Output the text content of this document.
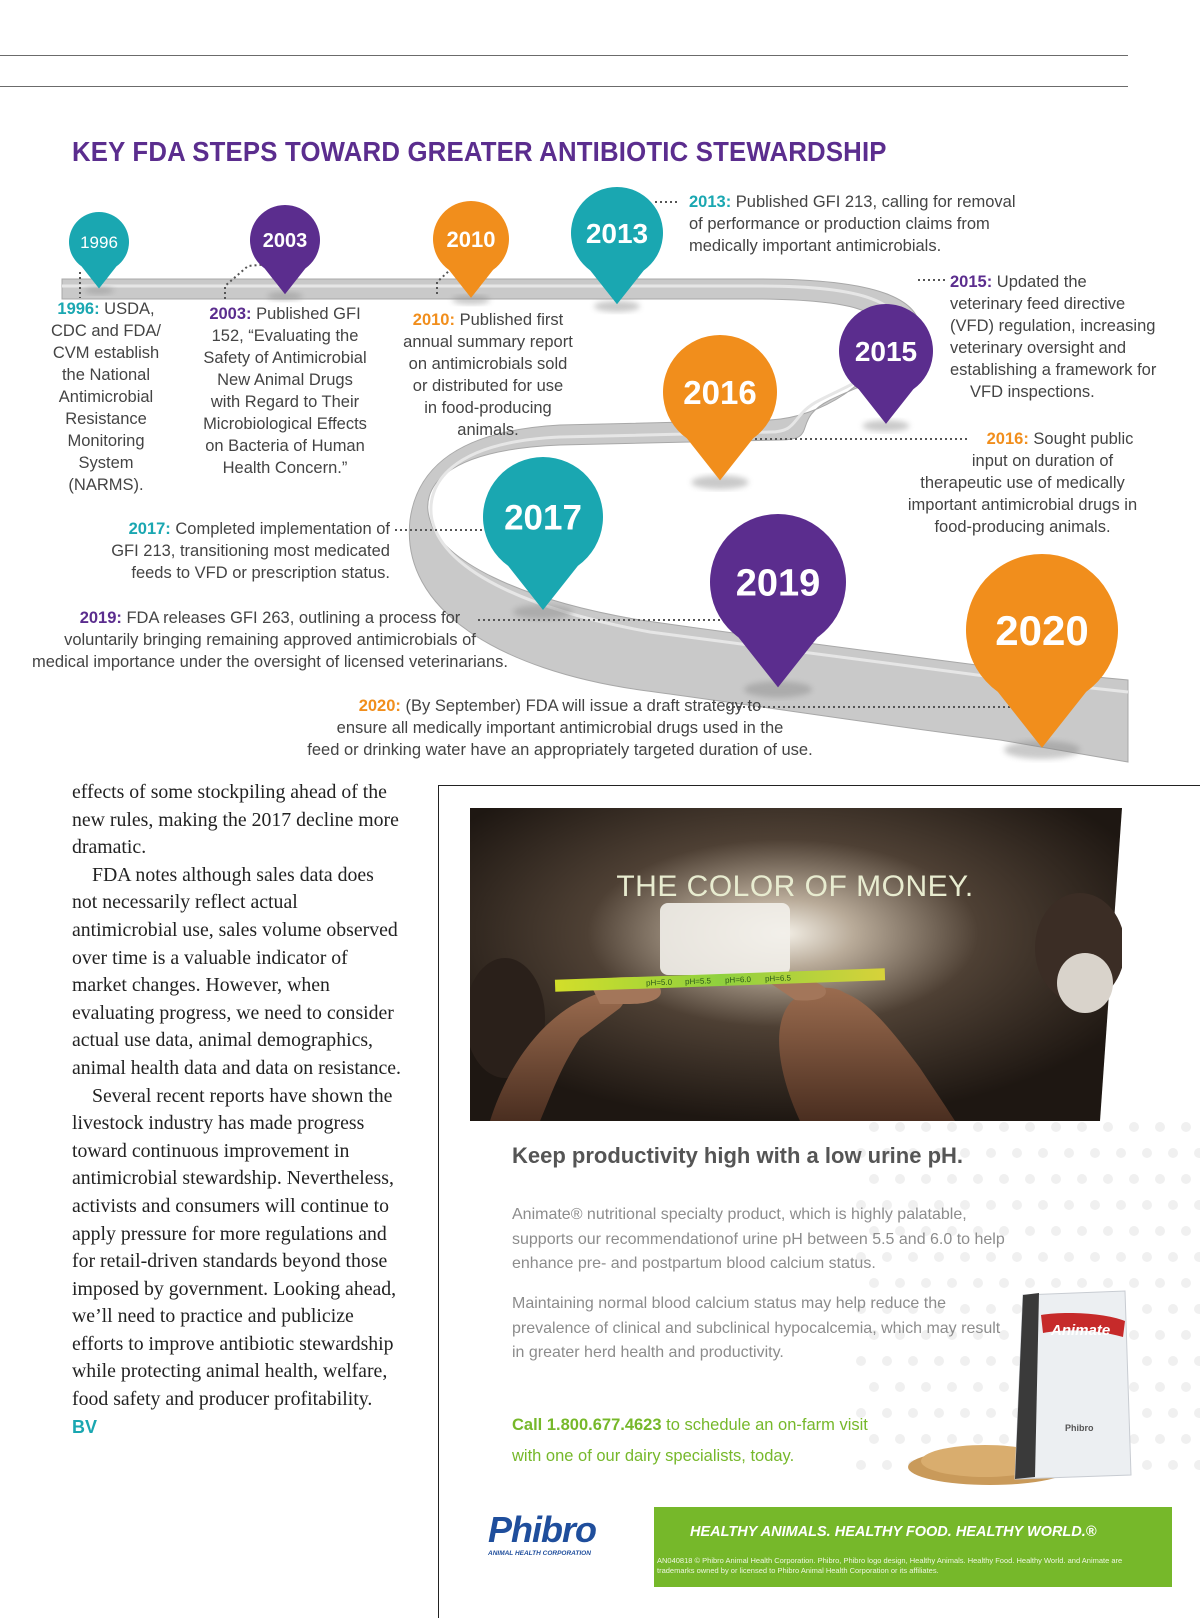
KEY FDA STEPS TOWARD GREATER ANTIBIOTIC STEWARDSHIP
1996	2003	2010	2013
2015
2016
2017
2019
2020
1996: USDA,
CDC and FDA/
CVM establish
the National
Antimicrobial
Resistance
Monitoring
System
(NARMS).
2003: Published GFI
152, “Evaluating the
Safety of Antimicrobial
New Animal Drugs
with Regard to Their
Microbiological Effects
on Bacteria of Human
Health Concern.”
2010: Published first
annual summary report
on antimicrobials sold
or distributed for use
in food-producing
animals.
2013: Published GFI 213, calling for removal
of performance or production claims from
medically important antimicrobials.
2015: Updated the
veterinary feed directive
(VFD) regulation, increasing
veterinary oversight and
establishing a framework for
VFD inspections.
2016: Sought public
input on duration of
therapeutic use of medically
important antimicrobial drugs in
food-producing animals.
2017: Completed implementation of
GFI 213, transitioning most medicated
feeds to VFD or prescription status.
2019: FDA releases GFI 263, outlining a process for
voluntarily bringing remaining approved antimicrobials of
medical importance under the oversight of licensed veterinarians.
2020: (By September) FDA will issue a draft strategy to
ensure all medically important antimicrobial drugs used in the
feed or drinking water have an appropriately targeted duration of use.

effects of some stockpiling ahead of the new rules, making the 2017 decline more dramatic.

FDA notes although sales data does not necessarily reflect actual antimicrobial use, sales volume observed over time is a valuable indicator of market changes. However, when evaluating progress, we need to consider actual use data, animal demographics, animal health data and data on resistance.

Several recent reports have shown the livestock industry has made progress toward continuous improvement in antimicrobial stewardship. Nevertheless, activists and consumers will continue to apply pressure for more regulations and for retail-driven standards beyond those imposed by government. Looking ahead, we’ll need to practice and publicize efforts to improve antibiotic stewardship while protecting animal health, welfare, food safety and producer profitability. BV

pH=5.0 pH=5.5 pH=6.0 pH=6.5
THE COLOR OF MONEY.
Keep productivity high with a low urine pH.
Animate® nutritional specialty product, which is highly palatable, supports our recommendationof urine pH between 5.5 and 6.0 to help enhance pre- and postpartum blood calcium status.
Maintaining normal blood calcium status may help reduce the prevalence of clinical and subclinical hypocalcemia, which may result in greater herd health and productivity.
Call 1.800.677.4623 to schedule an on-farm visit
with one of our dairy specialists, today.
Animate
Phibro
Phibro
ANIMAL HEALTH CORPORATION
HEALTHY ANIMALS. HEALTHY FOOD. HEALTHY WORLD.®
AN040818 © Phibro Animal Health Corporation. Phibro, Phibro logo design, Healthy Animals. Healthy Food. Healthy World. and Animate are trademarks owned by or licensed to Phibro Animal Health Corporation or its affiliates.
